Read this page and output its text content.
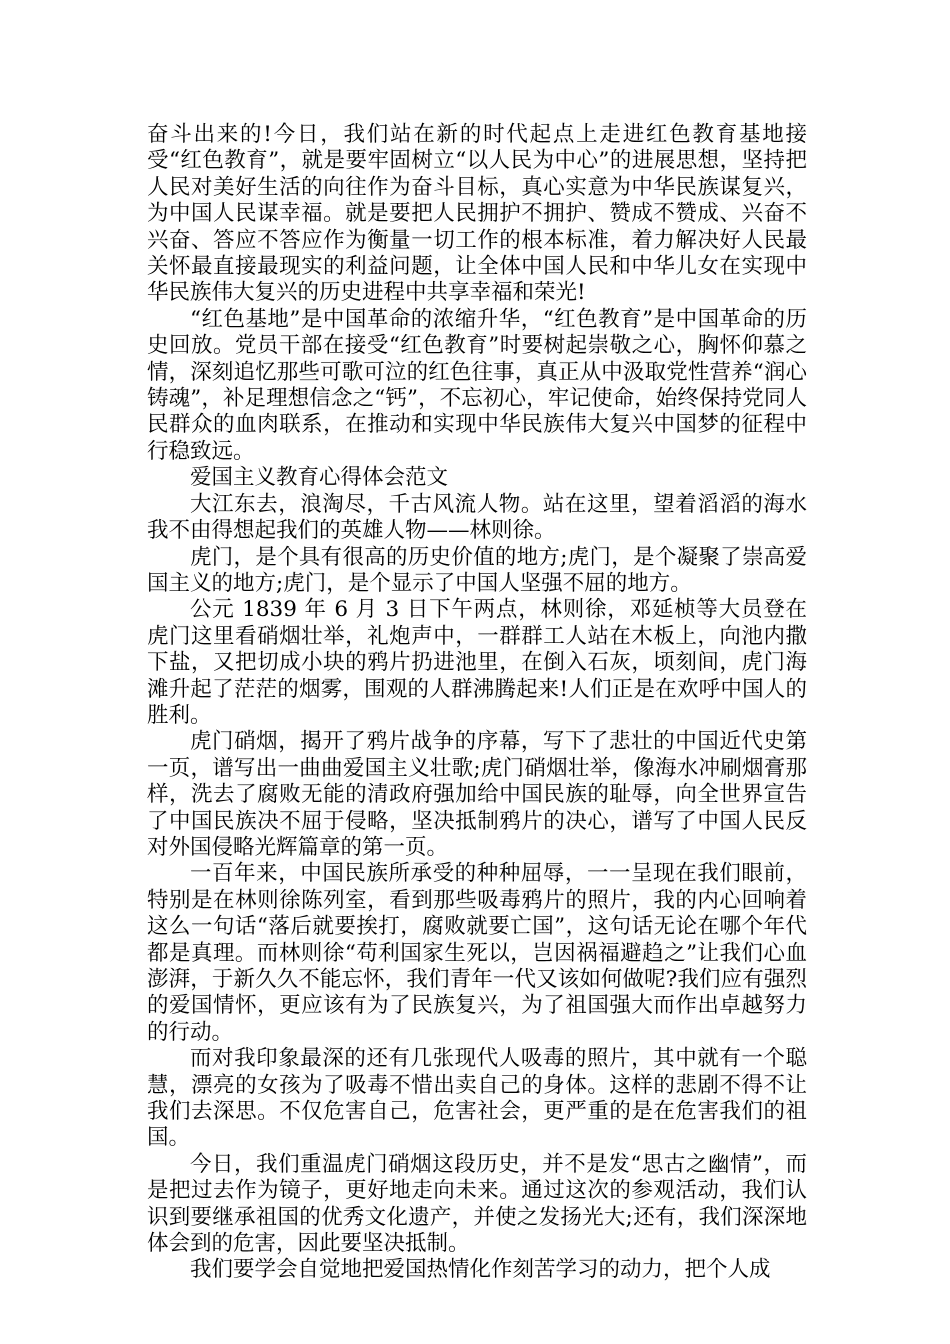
奋斗出来的!今日，我们站在新的时代起点上走进红色教育基地接受“红色教育”，就是要牢固树立“以人民为中心”的进展思想，坚持把人民对美好生活的向往作为奋斗目标，真心实意为中华民族谋复兴，为中国人民谋幸福。就是要把人民拥护不拥护、赞成不赞成、兴奋不兴奋、答应不答应作为衡量一切工作的根本标准，着力解决好人民最关怀最直接最现实的利益问题，让全体中国人民和中华儿女在实现中华民族伟大复兴的历史进程中共享幸福和荣光!

“红色基地”是中国革命的浓缩升华，“红色教育”是中国革命的历史回放。党员干部在接受“红色教育”时要树起崇敬之心，胸怀仰慕之情，深刻追忆那些可歌可泣的红色往事，真正从中汲取党性营养“润心铸魂”，补足理想信念之“钙”，不忘初心，牢记使命，始终保持党同人民群众的血肉联系，在推动和实现中华民族伟大复兴中国梦的征程中行稳致远。

爱国主义教育心得体会范文

大江东去，浪淘尽，千古风流人物。站在这里，望着滔滔的海水我不由得想起我们的英雄人物——林则徐。

虎门，是个具有很高的历史价值的地方;虎门，是个凝聚了崇高爱国主义的地方;虎门，是个显示了中国人坚强不屈的地方。

公元 1839 年 6 月 3 日下午两点，林则徐，邓延桢等大员登在虎门这里看硝烟壮举，礼炮声中，一群群工人站在木板上，向池内撒下盐，又把切成小块的鸦片扔进池里，在倒入石灰，顷刻间，虎门海滩升起了茫茫的烟雾，围观的人群沸腾起来!人们正是在欢呼中国人的胜利。

虎门硝烟，揭开了鸦片战争的序幕，写下了悲壮的中国近代史第一页，谱写出一曲曲爱国主义壮歌;虎门硝烟壮举，像海水冲刷烟膏那样，洗去了腐败无能的清政府强加给中国民族的耻辱，向全世界宣告了中国民族决不屈于侵略，坚决抵制鸦片的决心，谱写了中国人民反对外国侵略光辉篇章的第一页。

一百年来，中国民族所承受的种种屈辱，一一呈现在我们眼前，特别是在林则徐陈列室，看到那些吸毒鸦片的照片，我的内心回响着这么一句话“落后就要挨打，腐败就要亡国”，这句话无论在哪个年代都是真理。而林则徐“苟利国家生死以，岂因祸福避趋之”让我们心血澎湃，于新久久不能忘怀，我们青年一代又该如何做呢?我们应有强烈的爱国情怀，更应该有为了民族复兴，为了祖国强大而作出卓越努力的行动。

而对我印象最深的还有几张现代人吸毒的照片，其中就有一个聪慧，漂亮的女孩为了吸毒不惜出卖自己的身体。这样的悲剧不得不让我们去深思。不仅危害自己，危害社会，更严重的是在危害我们的祖国。

今日，我们重温虎门硝烟这段历史，并不是发“思古之幽情”，而是把过去作为镜子，更好地走向未来。通过这次的参观活动，我们认识到要继承祖国的优秀文化遗产，并使之发扬光大;还有，我们深深地体会到的危害，因此要坚决抵制。

我们要学会自觉地把爱国热情化作刻苦学习的动力，把个人成
